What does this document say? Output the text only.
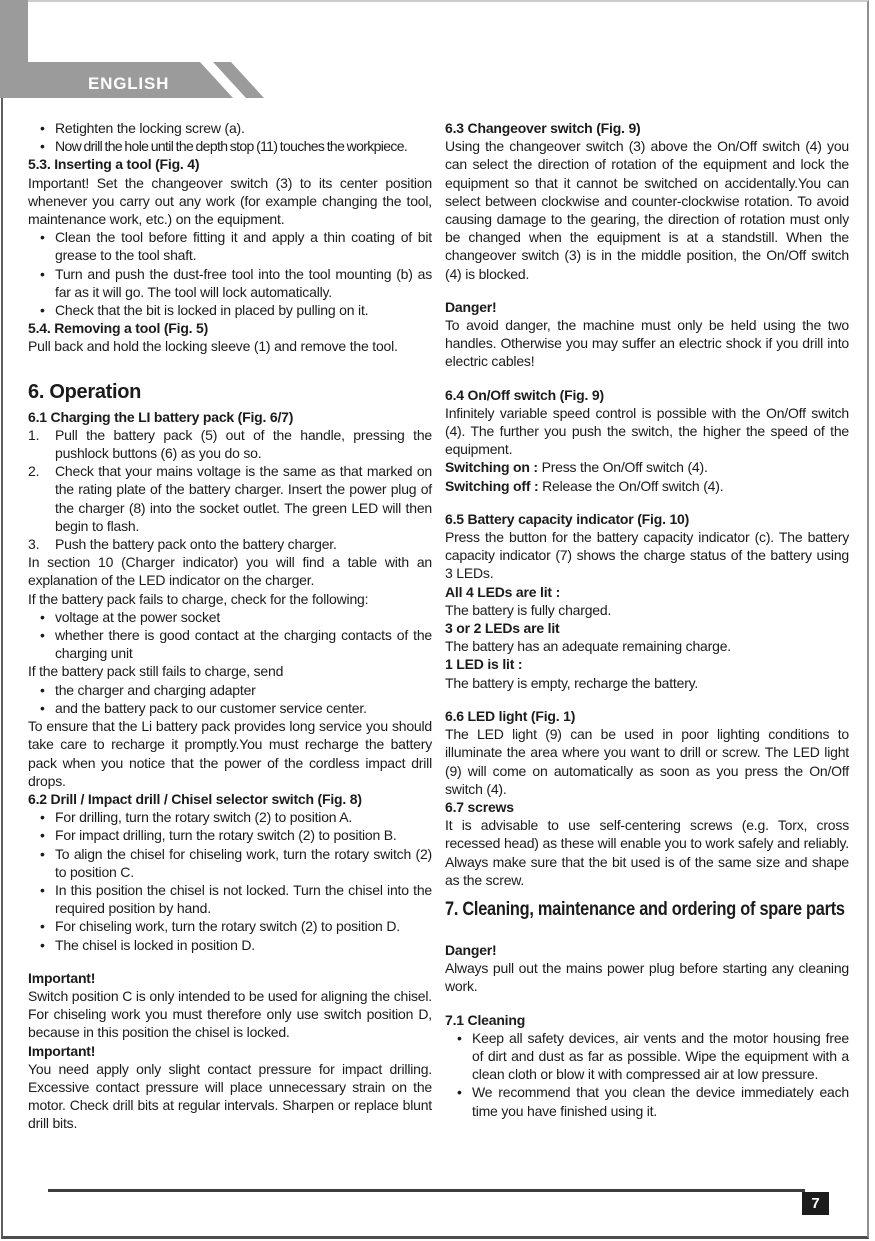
ENGLISH
• Retighten the locking screw (a).
• Now drill the hole until the depth stop (11) touches the workpiece.
5.3. Inserting a tool (Fig. 4)

Important! Set the changeover switch (3) to its center position whenever you carry out any work (for example changing the tool, maintenance work, etc.) on the equipment.

• Clean the tool before fitting it and apply a thin coating of bit grease to the tool shaft.
• Turn and push the dust-free tool into the tool mounting (b) as far as it will go. The tool will lock automatically.
• Check that the bit is locked in placed by pulling on it.
5.4. Removing a tool (Fig. 5)

Pull back and hold the locking sleeve (1) and remove the tool.

6. Operation
6.1 Charging the LI battery pack (Fig. 6/7)
1. Pull the battery pack (5) out of the handle, pressing the pushlock buttons (6) as you do so.
2. Check that your mains voltage is the same as that marked on the rating plate of the battery charger. Insert the power plug of the charger (8) into the socket outlet. The green LED will then begin to flash.
3. Push the battery pack onto the battery charger.

In section 10 (Charger indicator) you will find a table with an explanation of the LED indicator on the charger.

If the battery pack fails to charge, check for the following:

• voltage at the power socket
• whether there is good contact at the charging contacts of the charging unit

If the battery pack still fails to charge, send

• the charger and charging adapter
• and the battery pack to our customer service center.

To ensure that the Li battery pack provides long service you should take care to recharge it promptly.You must recharge the battery pack when you notice that the power of the cordless impact drill drops.

6.2 Drill / Impact drill / Chisel selector switch (Fig. 8)
• For drilling, turn the rotary switch (2) to position A.
• For impact drilling, turn the rotary switch (2) to position B.
• To align the chisel for chiseling work, turn the rotary switch (2) to position C.
• In this position the chisel is not locked. Turn the chisel into the required position by hand.
• For chiseling work, turn the rotary switch (2) to position D.
• The chisel is locked in position D.
Important!

Switch position C is only intended to be used for aligning the chisel. For chiseling work you must therefore only use switch position D, because in this position the chisel is locked.

Important!

You need apply only slight contact pressure for impact drilling. Excessive contact pressure will place unnecessary strain on the motor. Check drill bits at regular intervals. Sharpen or replace blunt drill bits.

6.3 Changeover switch (Fig. 9)

Using the changeover switch (3) above the On/Off switch (4) you can select the direction of rotation of the equipment and lock the equipment so that it cannot be switched on accidentally.You can select between clockwise and counter-clockwise rotation. To avoid causing damage to the gearing, the direction of rotation must only be changed when the equipment is at a standstill. When the changeover switch (3) is in the middle position, the On/Off switch (4) is blocked.

Danger!

To avoid danger, the machine must only be held using the two handles. Otherwise you may suffer an electric shock if you drill into electric cables!

6.4 On/Off switch (Fig. 9)

Infinitely variable speed control is possible with the On/Off switch (4). The further you push the switch, the higher the speed of the equipment.

Switching on : Press the On/Off switch (4).

Switching off : Release the On/Off switch (4).

6.5 Battery capacity indicator (Fig. 10)

Press the button for the battery capacity indicator (c). The battery capacity indicator (7) shows the charge status of the battery using 3 LEDs.

All 4 LEDs are lit :

The battery is fully charged.

3 or 2 LEDs are lit

The battery has an adequate remaining charge.

1 LED is lit :

The battery is empty, recharge the battery.

6.6 LED light (Fig. 1)

The LED light (9) can be used in poor lighting conditions to illuminate the area where you want to drill or screw. The LED light (9) will come on automatically as soon as you press the On/Off switch (4).

6.7 screws

It is advisable to use self-centering screws (e.g. Torx, cross recessed head) as these will enable you to work safely and reliably. Always make sure that the bit used is of the same size and shape as the screw.

7. Cleaning, maintenance and ordering of spare parts
Danger!

Always pull out the mains power plug before starting any cleaning work.

7.1 Cleaning
• Keep all safety devices, air vents and the motor housing free of dirt and dust as far as possible. Wipe the equipment with a clean cloth or blow it with compressed air at low pressure.
• We recommend that you clean the device immediately each time you have finished using it.
7
